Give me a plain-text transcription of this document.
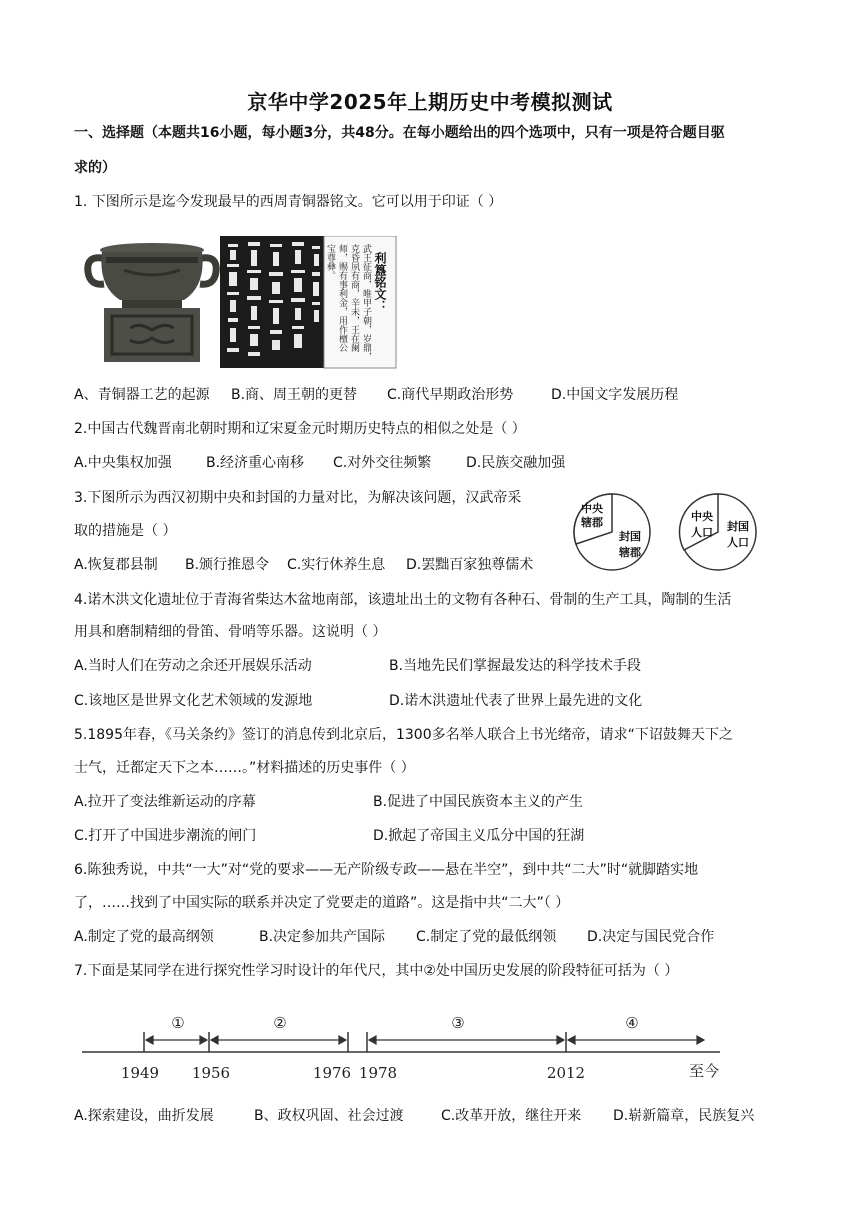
京华中学2025年上期历史中考模拟测试
一、选择题（本题共16小题，每小题3分，共48分。在每小题给出的四个选项中，只有一项是符合题目驱
求的）
1. 下图所示是迄今发现最早的西周青铜器铭文。它可以用于印证（ ）
利簋铭文：
武王征商，唯甲子朝，岁鼎，
克昏夙有商，辛未，王在阑
师，赐有事利金，用作檀公
宝尊彝。
A、青铜器工艺的起源 B.商、周王朝的更替 C.商代早期政治形势	D.中国文字发展历程
2.中国古代魏晋南北朝时期和辽宋夏金元时期历史特点的相似之处是（ ）
A.中央集权加强 B.经济重心南移 C.对外交往频繁 D.民族交融加强
3.下图所示为西汉初期中央和封国的力量对比，为解决该问题，汉武帝采
取的措施是（ ）
中央
辖郡
封国
辖郡
中央
人口 封国
人口
A.恢复郡县制 B.颁行推恩令 C.实行休养生息 D.罢黜百家独尊儒术
4.诺木洪文化遗址位于青海省柴达木盆地南部，该遗址出土的文物有各种石、骨制的生产工具，陶制的生活
用具和磨制精细的骨笛、骨哨等乐器。这说明（ ）
A.当时人们在劳动之余还开展娱乐活动	B.当地先民们掌握最发达的科学技术手段
C.该地区是世界文化艺术领域的发源地	D.诺木洪遗址代表了世界上最先进的文化
5.1895年春，《马关条约》签订的消息传到北京后，1300多名举人联合上书光绪帝，请求“下诏鼓舞天下之
士气，迁都定天下之本……。”材料描述的历史事件（ ）
A.拉开了变法维新运动的序幕	B.促进了中国民族资本主义的产生
C.打开了中国进步潮流的闸门	D.掀起了帝国主义瓜分中国的狂湖
6.陈独秀说，中共“一大”对“党的要求——无产阶级专政——悬在半空”，到中共“二大”时“就脚踏实地
了，……找到了中国实际的联系并决定了党要走的道路”。这是指中共“二大”（ ）
A.制定了党的最高纲领	B.决定参加共产国际 C.制定了党的最低纲领 D.决定与国民党合作
7.下面是某同学在进行探究性学习时设计的年代尺，其中②处中国历史发展的阶段特征可括为（ ）
①	②	③	④
1949 1956	1976 1978	2012	至今
A.探索建设，曲折发展	B、政权巩固、社会过渡	C.改革开放，继往开来 D.崭新篇章，民族复兴
